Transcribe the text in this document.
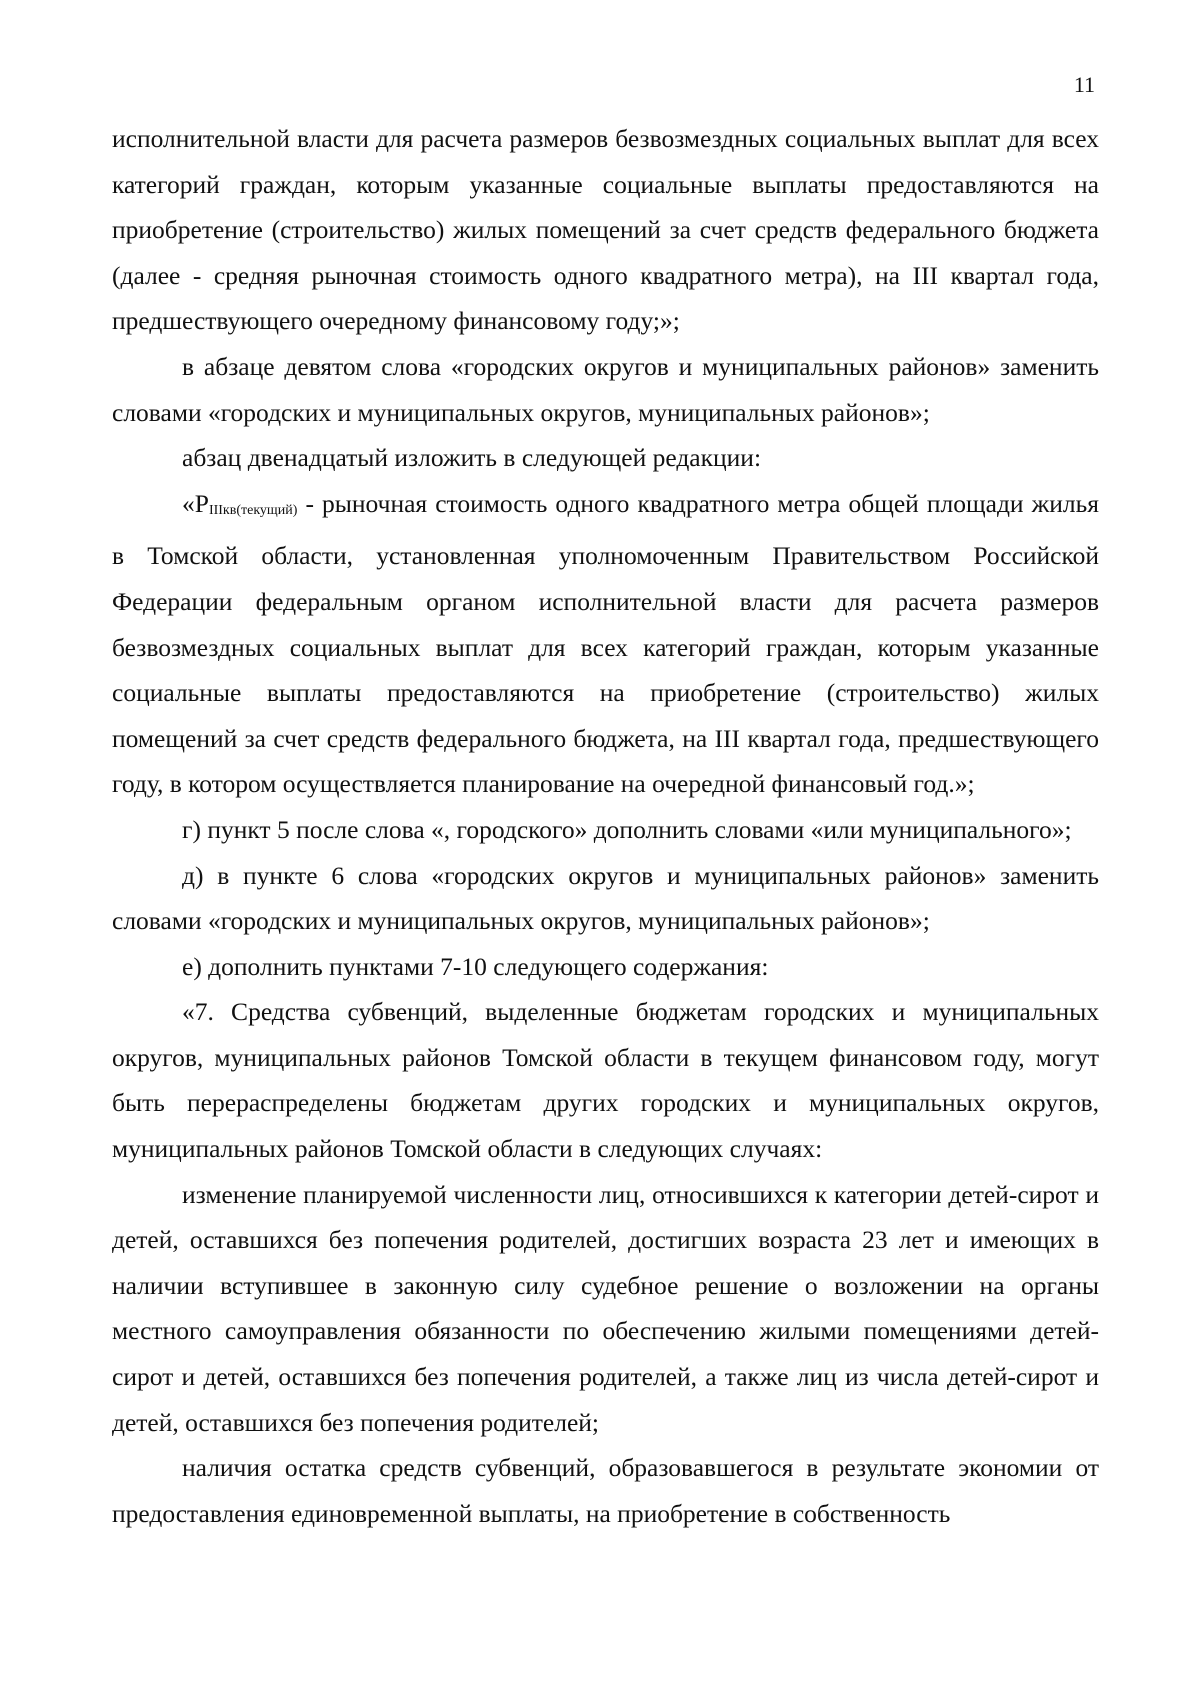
11

исполнительной власти для расчета размеров безвозмездных социальных выплат для всех категорий граждан, которым указанные социальные выплаты предоставляются на приобретение (строительство) жилых помещений за счет средств федерального бюджета (далее - средняя рыночная стоимость одного квадратного метра), на III квартал года, предшествующего очередному финансовому году;»;

в абзаце девятом слова «городских округов и муниципальных районов» заменить словами «городских и муниципальных округов, муниципальных районов»;

абзац двенадцатый изложить в следующей редакции:

«PIIIкв(текущий) - рыночная стоимость одного квадратного метра общей площади жилья в Томской области, установленная уполномоченным Правительством Российской Федерации федеральным органом исполнительной власти для расчета размеров безвозмездных социальных выплат для всех категорий граждан, которым указанные социальные выплаты предоставляются на приобретение (строительство) жилых помещений за счет средств федерального бюджета, на III квартал года, предшествующего году, в котором осуществляется планирование на очередной финансовый год.»;

г) пункт 5 после слова «, городского» дополнить словами «или муниципального»;

д) в пункте 6 слова «городских округов и муниципальных районов» заменить словами «городских и муниципальных округов, муниципальных районов»;

е) дополнить пунктами 7-10 следующего содержания:

«7. Средства субвенций, выделенные бюджетам городских и муниципальных округов, муниципальных районов Томской области в текущем финансовом году, могут быть перераспределены бюджетам других городских и муниципальных округов, муниципальных районов Томской области в следующих случаях:

изменение планируемой численности лиц, относившихся к категории детей-сирот и детей, оставшихся без попечения родителей, достигших возраста 23 лет и имеющих в наличии вступившее в законную силу судебное решение о возложении на органы местного самоуправления обязанности по обеспечению жилыми помещениями детей-сирот и детей, оставшихся без попечения родителей, а также лиц из числа детей-сирот и детей, оставшихся без попечения родителей;

наличия остатка средств субвенций, образовавшегося в результате экономии от предоставления единовременной выплаты, на приобретение в собственность
